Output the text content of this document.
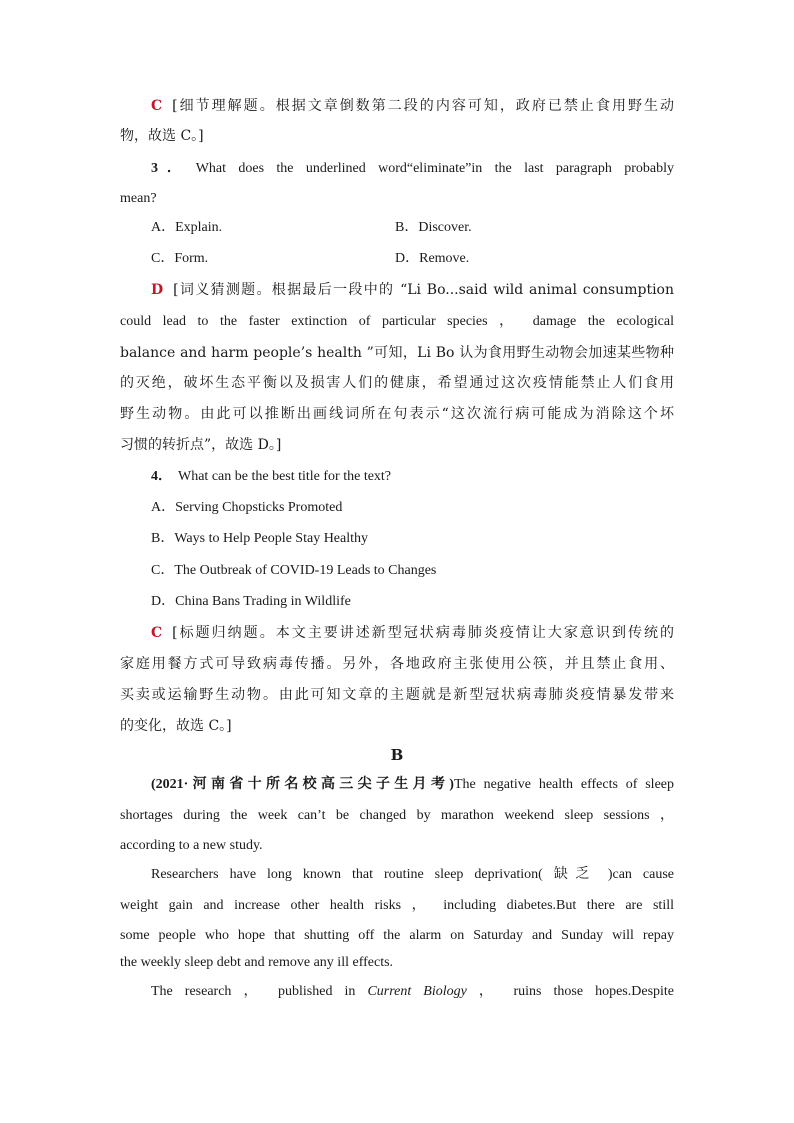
C [细节理解题。根据文章倒数第二段的内容可知，政府已禁止食用野生动
物，故选 C。]
3． What does the underlined word“eliminate”in the last paragraph probably
mean?
A．Explain.	B．Discover.
C．Form.	D．Remove.
D [词义猜测题。根据最后一段中的 “Li Bo...said wild animal consumption
could lead to the faster extinction of particular species ， damage the ecological
balance and harm people’s health ”可知，Li Bo 认为食用野生动物会加速某些物种
的灭绝，破坏生态平衡以及损害人们的健康，希望通过这次疫情能禁止人们食用
野生动物。由此可以推断出画线词所在句表示“这次流行病可能成为消除这个坏
习惯的转折点”，故选 D。]
4． What can be the best title for the text?
A．Serving Chopsticks Promoted
B．Ways to Help People Stay Healthy
C．The Outbreak of COVID-19 Leads to Changes
D．China Bans Trading in Wildlife
C [标题归纳题。本文主要讲述新型冠状病毒肺炎疫情让大家意识到传统的
家庭用餐方式可导致病毒传播。另外，各地政府主张使用公筷，并且禁止食用、
买卖或运输野生动物。由此可知文章的主题就是新型冠状病毒肺炎疫情暴发带来
的变化，故选 C。]
B
(2021·河南省十所名校高三尖子生月考)The negative health effects of sleep
shortages during the week can’t be changed by marathon weekend sleep sessions ，
according to a new study.
Researchers have long known that routine sleep deprivation( 缺乏 )can cause
weight gain and increase other health risks ， including diabetes.But there are still
some people who hope that shutting off the alarm on Saturday and Sunday will repay
the weekly sleep debt and remove any ill effects.
The research ， published in Current Biology ， ruins those hopes.Despite
